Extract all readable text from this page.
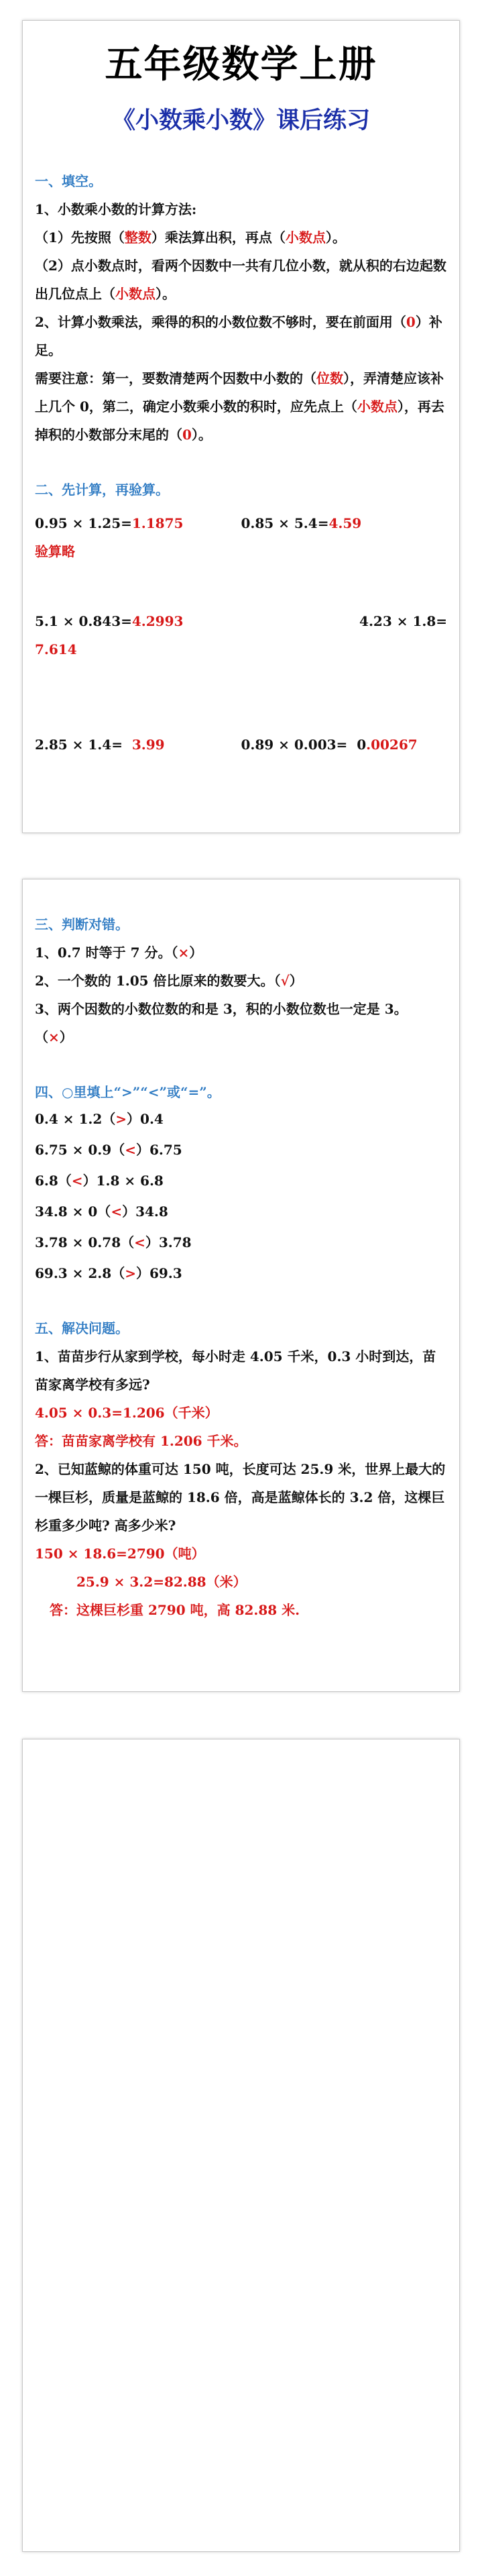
五年级数学上册
《小数乘小数》课后练习
一、填空。
1、小数乘小数的计算方法:
（1）先按照（整数）乘法算出积，再点（小数点）。
（2）点小数点时，看两个因数中一共有几位小数，就从积的右边起数出几位点上（小数点）。
2、计算小数乘法，乘得的积的小数位数不够时，要在前面用（0）补足。
需要注意：第一，要数清楚两个因数中小数的（位数），弄清楚应该补上几个 0，第二，确定小数乘小数的积时，应先点上（小数点），再去掉积的小数部分末尾的（0）。
二、先计算，再验算。
0.95 × 1.25=1.1875	0.85 × 5.4=4.59
验算略
5.1 × 0.843=4.2993	4.23 × 1.8=
7.614
2.85 × 1.4= 3.99	0.89 × 0.003= 0.00267
三、判断对错。
1、0.7 时等于 7 分。（×）
2、一个数的 1.05 倍比原来的数要大。（√）
3、两个因数的小数位数的和是 3，积的小数位数也一定是 3。
（×）
四、○里填上“>”“<”或“=”。
0.4 × 1.2（>）0.4
6.75 × 0.9（<）6.75
6.8（<）1.8 × 6.8
34.8 × 0（<）34.8
3.78 × 0.78（<）3.78
69.3 × 2.8（>）69.3
五、解决问题。
1、苗苗步行从家到学校，每小时走 4.05 千米，0.3 小时到达，苗苗家离学校有多远?
4.05 × 0.3=1.206（千米）
答：苗苗家离学校有 1.206 千米。
2、已知蓝鲸的体重可达 150 吨，长度可达 25.9 米，世界上最大的一棵巨杉，质量是蓝鲸的 18.6 倍，高是蓝鲸体长的 3.2 倍，这棵巨杉重多少吨? 高多少米?
150 × 18.6=2790（吨）
25.9 × 3.2=82.88（米）
答：这棵巨杉重 2790 吨，高 82.88 米.
